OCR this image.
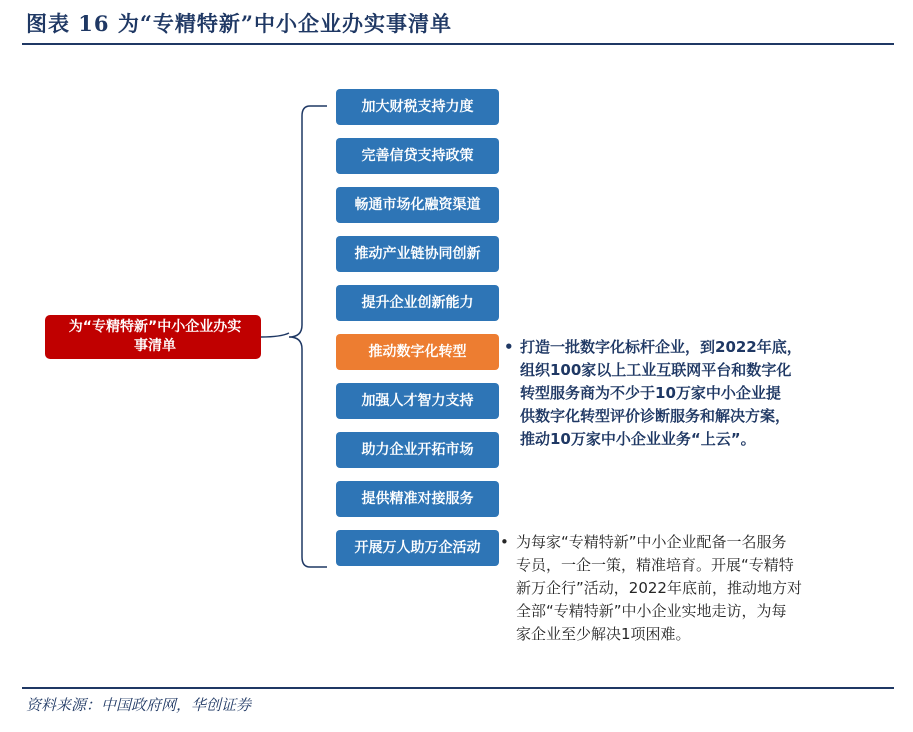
图表 16 为“专精特新”中小企业办实事清单
为“专精特新”中小企业办实
事清单
加大财税支持力度
完善信贷支持政策
畅通市场化融资渠道
推动产业链协同创新
提升企业创新能力
推动数字化转型
加强人才智力支持
助力企业开拓市场
提供精准对接服务
开展万人助万企活动
• 打造一批数字化标杆企业，到2022年底，
组织100家以上工业互联网平台和数字化
转型服务商为不少于10万家中小企业提
供数字化转型评价诊断服务和解决方案，
推动10万家中小企业业务“上云”。
• 为每家“专精特新”中小企业配备一名服务
专员，一企一策，精准培育。开展“专精特
新万企行”活动，2022年底前，推动地方对
全部“专精特新”中小企业实地走访，为每
家企业至少解决1项困难。
资料来源：中国政府网，华创证券
